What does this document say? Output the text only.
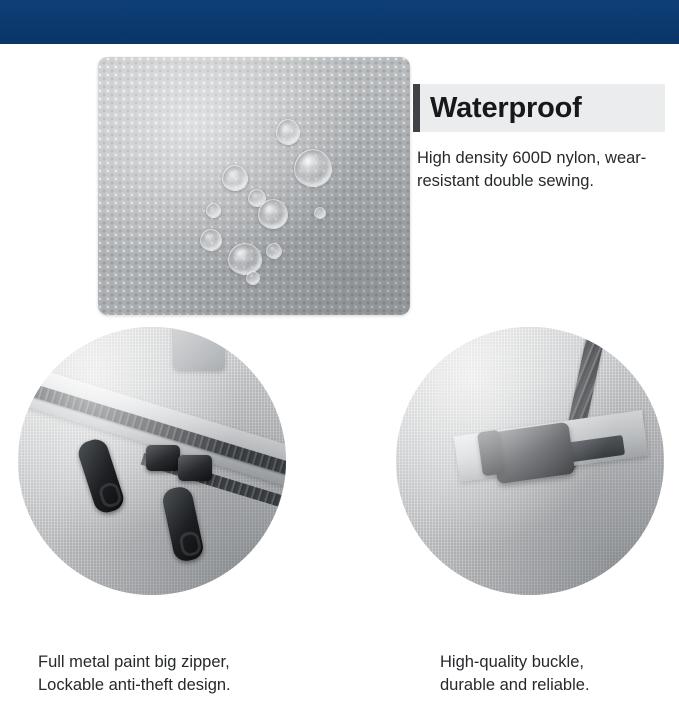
Waterproof
High density 600D nylon, wear-resistant double sewing.
Full metal paint big zipper,
Lockable anti-theft design.
High-quality buckle,
durable and reliable.
